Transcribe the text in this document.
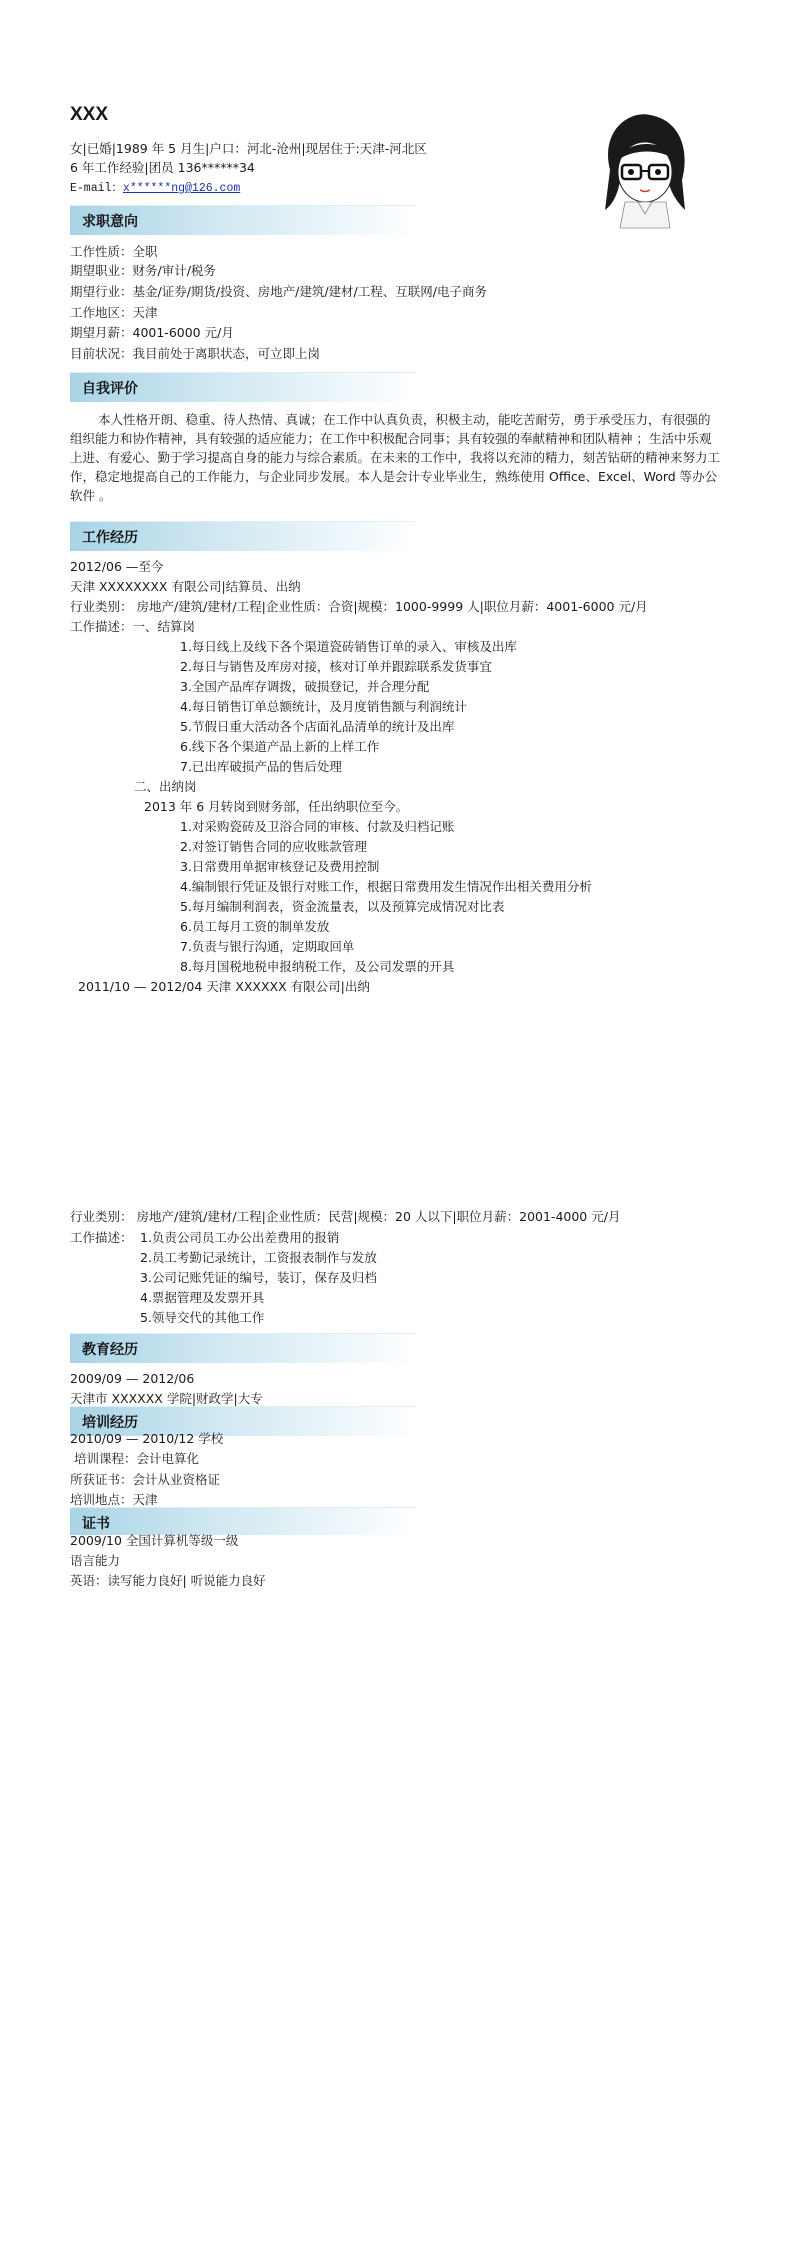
XXX
女|已婚|1989 年 5 月生|户口：河北-沧州|现居住于:天津-河北区
6 年工作经验|团员 136******34
E-mail：x******ng@126.com
求职意向
工作性质：全职
期望职业：财务/审计/税务
期望行业：基金/证券/期货/投资、房地产/建筑/建材/工程、互联网/电子商务
工作地区：天津
期望月薪：4001-6000 元/月
目前状况：我目前处于离职状态，可立即上岗
自我评价
本人性格开朗、稳重、待人热情、真诚；在工作中认真负责，积极主动，能吃苦耐劳，勇于承受压力，有很强的组织能力和协作精神，具有较强的适应能力；在工作中积极配合同事；具有较强的奉献精神和团队精神 ；生活中乐观上进、有爱心、勤于学习提高自身的能力与综合素质。在未来的工作中，我将以充沛的精力，刻苦钻研的精神来努力工作，稳定地提高自己的工作能力，与企业同步发展。本人是会计专业毕业生，熟练使用 Office、Excel、Word 等办公软件 。
工作经历
2012/06 —至今
天津 XXXXXXXX 有限公司|结算员、出纳
行业类别： 房地产/建筑/建材/工程|企业性质：合资|规模：1000-9999 人|职位月薪：4001-6000 元/月
工作描述：一、结算岗
1.每日线上及线下各个渠道瓷砖销售订单的录入、审核及出库
2.每日与销售及库房对接，核对订单并跟踪联系发货事宜
3.全国产品库存调拨，破损登记，并合理分配
4.每日销售订单总额统计，及月度销售额与利润统计
5.节假日重大活动各个店面礼品清单的统计及出库
6.线下各个渠道产品上新的上样工作
7.已出库破损产品的售后处理
二、出纳岗
2013 年 6 月转岗到财务部，任出纳职位至今。
1.对采购瓷砖及卫浴合同的审核、付款及归档记账
2.对签订销售合同的应收账款管理
3.日常费用单据审核登记及费用控制
4.编制银行凭证及银行对账工作，根据日常费用发生情况作出相关费用分析
5.每月编制利润表，资金流量表，以及预算完成情况对比表
6.员工每月工资的制单发放
7.负责与银行沟通，定期取回单
8.每月国税地税申报纳税工作，及公司发票的开具
2011/10 — 2012/04 天津 XXXXXX 有限公司|出纳
行业类别： 房地产/建筑/建材/工程|企业性质：民营|规模：20 人以下|职位月薪：2001-4000 元/月
工作描述： 1.负责公司员工办公出差费用的报销
2.员工考勤记录统计，工资报表制作与发放
3.公司记账凭证的编号，装订，保存及归档
4.票据管理及发票开具
5.领导交代的其他工作
教育经历
2009/09 — 2012/06
天津市 XXXXXX 学院|财政学|大专
培训经历
2010/09 — 2010/12 学校
培训课程：会计电算化
所获证书：会计从业资格证
培训地点：天津
证书
2009/10 全国计算机等级一级
语言能力
英语：读写能力良好| 听说能力良好
